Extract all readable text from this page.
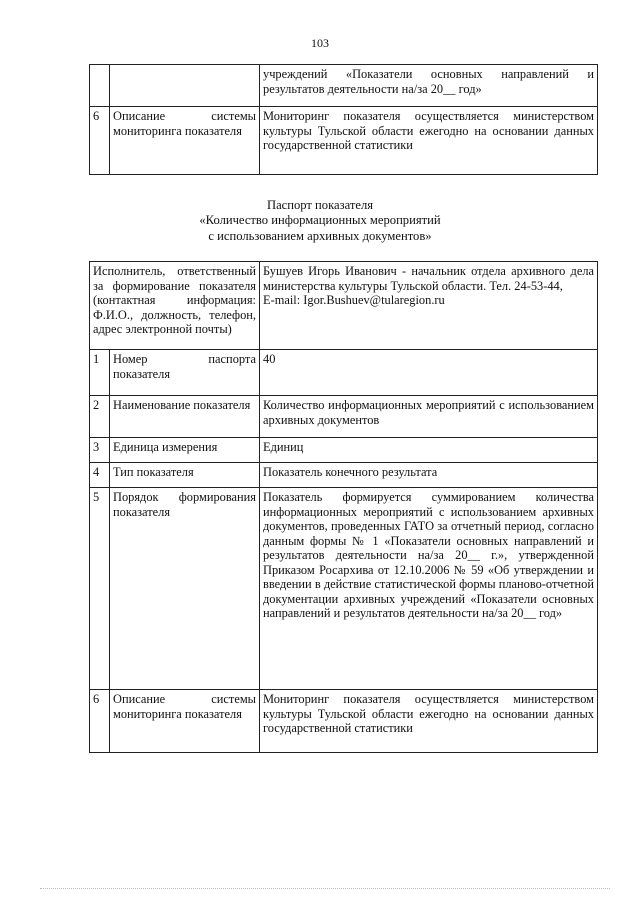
103
		учреждений «Показатели основных направлений и результатов деятельности на/за 20__ год»
6	Описание системы мониторинга показателя	Мониторинг показателя осуществляется министерством культуры Тульской области ежегодно на основании данных государственной статистики
Паспорт показателя
«Количество информационных мероприятий
с использованием архивных документов»
Исполнитель, ответственный за формирование показателя (контактная информация: Ф.И.О., должность, телефон, адрес электронной почты)		Бушуев Игорь Иванович - начальник отдела архивного дела министерства культуры Тульской области. Тел. 24-53-44,
E-mail: Igor.Bushuev@tularegion.ru

1	Номер паспорта показателя	40
2	Наименование показателя	Количество информационных мероприятий с использованием архивных документов
3	Единица измерения	Единиц
4	Тип показателя	Показатель конечного результата
5	Порядок формирования показателя	Показатель формируется суммированием количества информационных мероприятий с использованием архивных документов, проведенных ГАТО за отчетный период, согласно данным формы № 1 «Показатели основных направлений и результатов деятельности на/за 20__ г.», утвержденной Приказом Росархива от 12.10.2006 № 59 «Об утверждении и введении в действие статистической формы планово-отчетной документации архивных учреждений «Показатели основных направлений и результатов деятельности на/за 20__ год»
6	Описание системы мониторинга показателя	Мониторинг показателя осуществляется министерством культуры Тульской области ежегодно на основании данных государственной статистики
